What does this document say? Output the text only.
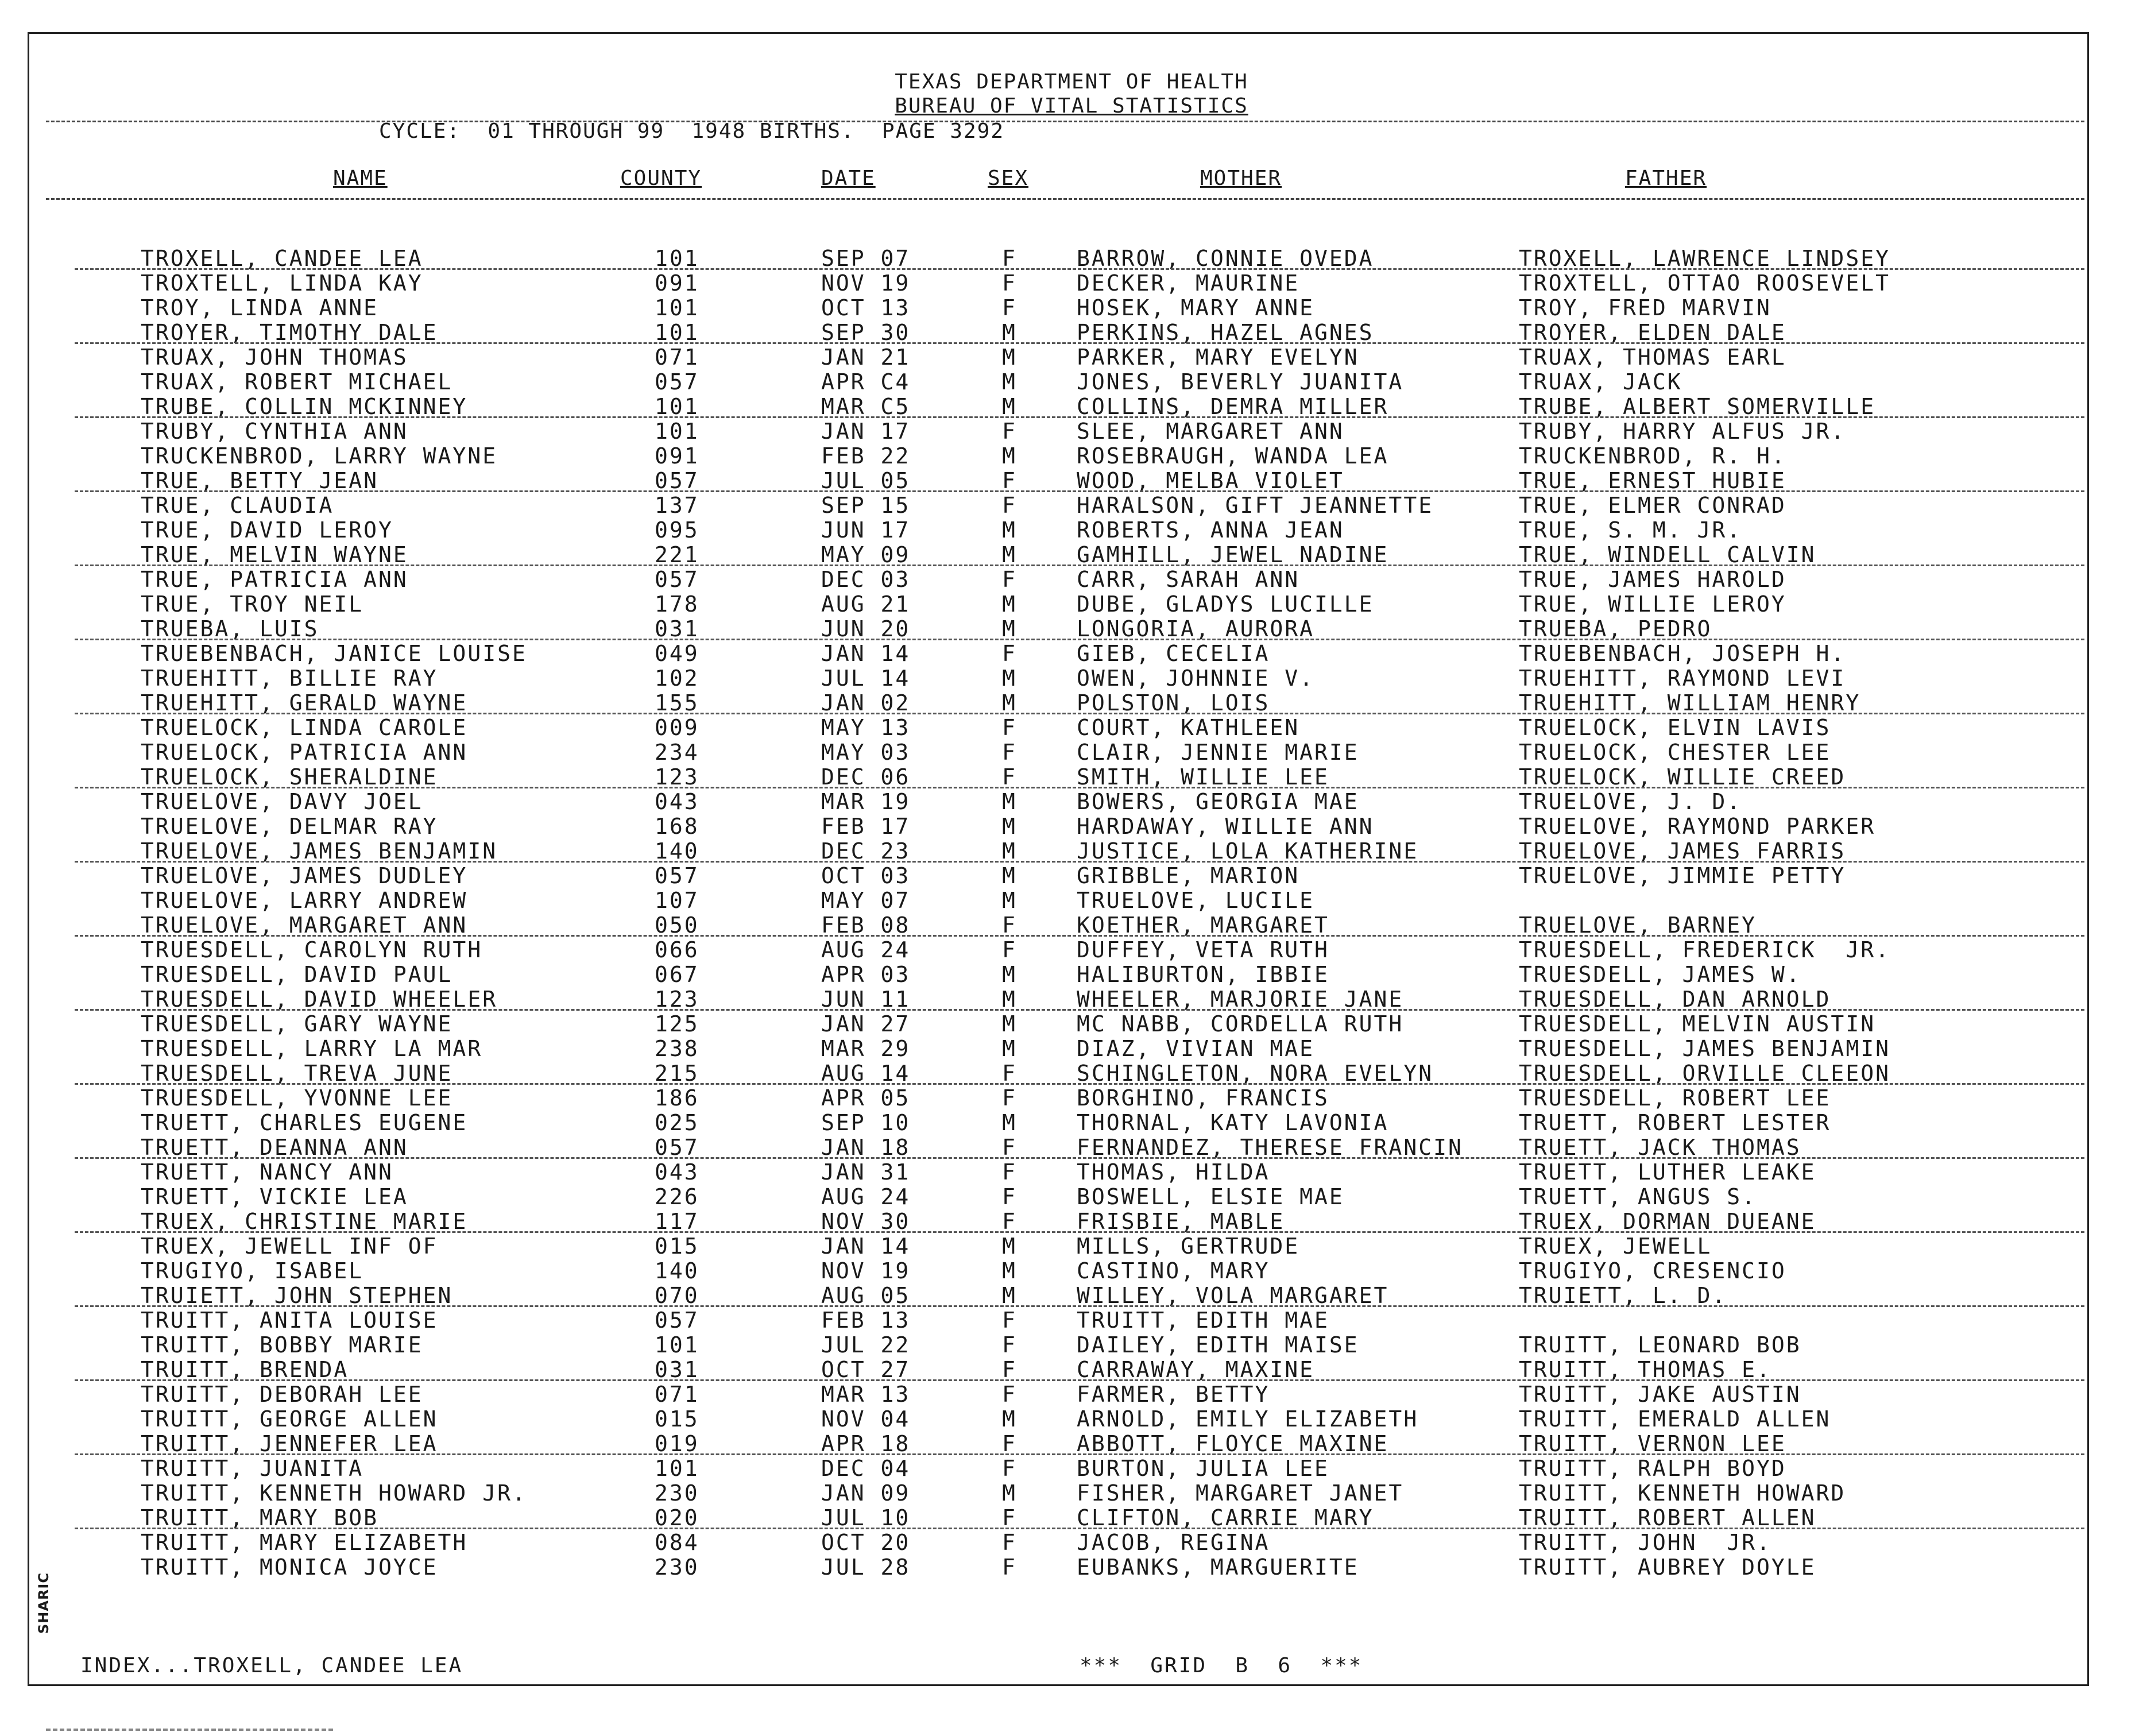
TEXAS DEPARTMENT OF HEALTH
BUREAU OF VITAL STATISTICS
CYCLE:  01 THROUGH 99  1948 BIRTHS.  PAGE 3292
NAME	COUNTY	DATE	SEX	MOTHER	FATHER
TROXELL, CANDEE LEA	101	SEP 07	F	BARROW, CONNIE OVEDA	TROXELL, LAWRENCE LINDSEY
TROXTELL, LINDA KAY	091	NOV 19	F	DECKER, MAURINE	TROXTELL, OTTAO ROOSEVELT
TROY, LINDA ANNE	101	OCT 13	F	HOSEK, MARY ANNE	TROY, FRED MARVIN
TROYER, TIMOTHY DALE	101	SEP 30	M	PERKINS, HAZEL AGNES	TROYER, ELDEN DALE
TRUAX, JOHN THOMAS	071	JAN 21	M	PARKER, MARY EVELYN	TRUAX, THOMAS EARL
TRUAX, ROBERT MICHAEL	057	APR C4	M	JONES, BEVERLY JUANITA	TRUAX, JACK
TRUBE, COLLIN MCKINNEY	101	MAR C5	M	COLLINS, DEMRA MILLER	TRUBE, ALBERT SOMERVILLE
TRUBY, CYNTHIA ANN	101	JAN 17	F	SLEE, MARGARET ANN	TRUBY, HARRY ALFUS JR.
TRUCKENBROD, LARRY WAYNE	091	FEB 22	M	ROSEBRAUGH, WANDA LEA	TRUCKENBROD, R. H.
TRUE, BETTY JEAN	057	JUL 05	F	WOOD, MELBA VIOLET	TRUE, ERNEST HUBIE
TRUE, CLAUDIA	137	SEP 15	F	HARALSON, GIFT JEANNETTE	TRUE, ELMER CONRAD
TRUE, DAVID LEROY	095	JUN 17	M	ROBERTS, ANNA JEAN	TRUE, S. M. JR.
TRUE, MELVIN WAYNE	221	MAY 09	M	GAMHILL, JEWEL NADINE	TRUE, WINDELL CALVIN
TRUE, PATRICIA ANN	057	DEC 03	F	CARR, SARAH ANN	TRUE, JAMES HAROLD
TRUE, TROY NEIL	178	AUG 21	M	DUBE, GLADYS LUCILLE	TRUE, WILLIE LEROY
TRUEBA, LUIS	031	JUN 20	M	LONGORIA, AURORA	TRUEBA, PEDRO
TRUEBENBACH, JANICE LOUISE	049	JAN 14	F	GIEB, CECELIA	TRUEBENBACH, JOSEPH H.
TRUEHITT, BILLIE RAY	102	JUL 14	M	OWEN, JOHNNIE V.	TRUEHITT, RAYMOND LEVI
TRUEHITT, GERALD WAYNE	155	JAN 02	M	POLSTON, LOIS	TRUEHITT, WILLIAM HENRY
TRUELOCK, LINDA CAROLE	009	MAY 13	F	COURT, KATHLEEN	TRUELOCK, ELVIN LAVIS
TRUELOCK, PATRICIA ANN	234	MAY 03	F	CLAIR, JENNIE MARIE	TRUELOCK, CHESTER LEE
TRUELOCK, SHERALDINE	123	DEC 06	F	SMITH, WILLIE LEE	TRUELOCK, WILLIE CREED
TRUELOVE, DAVY JOEL	043	MAR 19	M	BOWERS, GEORGIA MAE	TRUELOVE, J. D.
TRUELOVE, DELMAR RAY	168	FEB 17	M	HARDAWAY, WILLIE ANN	TRUELOVE, RAYMOND PARKER
TRUELOVE, JAMES BENJAMIN	140	DEC 23	M	JUSTICE, LOLA KATHERINE	TRUELOVE, JAMES FARRIS
TRUELOVE, JAMES DUDLEY	057	OCT 03	M	GRIBBLE, MARION	TRUELOVE, JIMMIE PETTY
TRUELOVE, LARRY ANDREW	107	MAY 07	M	TRUELOVE, LUCILE
TRUELOVE, MARGARET ANN	050	FEB 08	F	KOETHER, MARGARET	TRUELOVE, BARNEY
TRUESDELL, CAROLYN RUTH	066	AUG 24	F	DUFFEY, VETA RUTH	TRUESDELL, FREDERICK  JR.
TRUESDELL, DAVID PAUL	067	APR 03	M	HALIBURTON, IBBIE	TRUESDELL, JAMES W.
TRUESDELL, DAVID WHEELER	123	JUN 11	M	WHEELER, MARJORIE JANE	TRUESDELL, DAN ARNOLD
TRUESDELL, GARY WAYNE	125	JAN 27	M	MC NABB, CORDELLA RUTH	TRUESDELL, MELVIN AUSTIN
TRUESDELL, LARRY LA MAR	238	MAR 29	M	DIAZ, VIVIAN MAE	TRUESDELL, JAMES BENJAMIN
TRUESDELL, TREVA JUNE	215	AUG 14	F	SCHINGLETON, NORA EVELYN	TRUESDELL, ORVILLE CLEEON
TRUESDELL, YVONNE LEE	186	APR 05	F	BORGHINO, FRANCIS	TRUESDELL, ROBERT LEE
TRUETT, CHARLES EUGENE	025	SEP 10	M	THORNAL, KATY LAVONIA	TRUETT, ROBERT LESTER
TRUETT, DEANNA ANN	057	JAN 18	F	FERNANDEZ, THERESE FRANCIN	TRUETT, JACK THOMAS
TRUETT, NANCY ANN	043	JAN 31	F	THOMAS, HILDA	TRUETT, LUTHER LEAKE
TRUETT, VICKIE LEA	226	AUG 24	F	BOSWELL, ELSIE MAE	TRUETT, ANGUS S.
TRUEX, CHRISTINE MARIE	117	NOV 30	F	FRISBIE, MABLE	TRUEX, DORMAN DUEANE
TRUEX, JEWELL INF OF	015	JAN 14	M	MILLS, GERTRUDE	TRUEX, JEWELL
TRUGIYO, ISABEL	140	NOV 19	M	CASTINO, MARY	TRUGIYO, CRESENCIO
TRUIETT, JOHN STEPHEN	070	AUG 05	M	WILLEY, VOLA MARGARET	TRUIETT, L. D.
TRUITT, ANITA LOUISE	057	FEB 13	F	TRUITT, EDITH MAE
TRUITT, BOBBY MARIE	101	JUL 22	F	DAILEY, EDITH MAISE	TRUITT, LEONARD BOB
TRUITT, BRENDA	031	OCT 27	F	CARRAWAY, MAXINE	TRUITT, THOMAS E.
TRUITT, DEBORAH LEE	071	MAR 13	F	FARMER, BETTY	TRUITT, JAKE AUSTIN
TRUITT, GEORGE ALLEN	015	NOV 04	M	ARNOLD, EMILY ELIZABETH	TRUITT, EMERALD ALLEN
TRUITT, JENNEFER LEA	019	APR 18	F	ABBOTT, FLOYCE MAXINE	TRUITT, VERNON LEE
TRUITT, JUANITA	101	DEC 04	F	BURTON, JULIA LEE	TRUITT, RALPH BOYD
TRUITT, KENNETH HOWARD JR.	230	JAN 09	M	FISHER, MARGARET JANET	TRUITT, KENNETH HOWARD
TRUITT, MARY BOB	020	JUL 10	F	CLIFTON, CARRIE MARY	TRUITT, ROBERT ALLEN
TRUITT, MARY ELIZABETH	084	OCT 20	F	JACOB, REGINA	TRUITT, JOHN  JR.
TRUITT, MONICA JOYCE	230	JUL 28	F	EUBANKS, MARGUERITE	TRUITT, AUBREY DOYLE
INDEX...TROXELL, CANDEE LEA	***  GRID  B  6  ***
SHARIC
